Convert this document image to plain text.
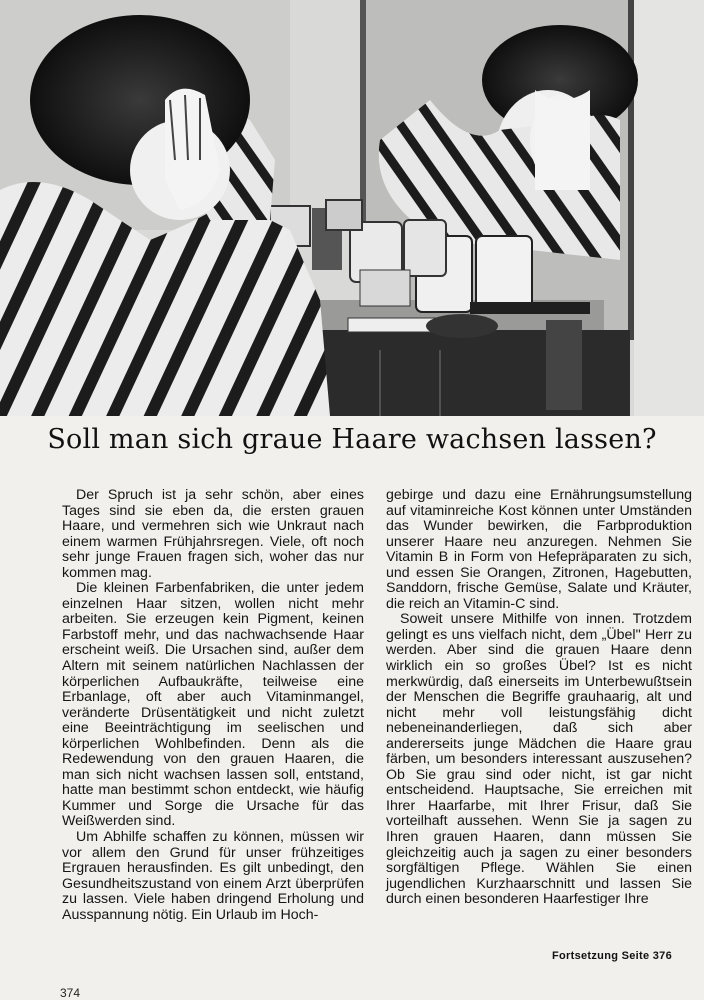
Soll man sich graue Haare wachsen lassen?

Der Spruch ist ja sehr schön, aber eines Tages sind sie eben da, die ersten grauen Haare, und vermehren sich wie Unkraut nach einem warmen Frühjahrsregen. Viele, oft noch sehr junge Frauen fragen sich, woher das nur kommen mag.

Die kleinen Farbenfabriken, die unter jedem einzelnen Haar sitzen, wollen nicht mehr arbeiten. Sie erzeugen kein Pigment, keinen Farbstoff mehr, und das nachwachsende Haar erscheint weiß. Die Ursachen sind, außer dem Altern mit seinem natürlichen Nachlassen der körperlichen Aufbaukräfte, teilweise eine Erbanlage, oft aber auch Vitaminmangel, veränderte Drüsentätigkeit und nicht zuletzt eine Beeinträchtigung im seelischen und körperlichen Wohlbefinden. Denn als die Redewendung von den grauen Haaren, die man sich nicht wachsen lassen soll, entstand, hatte man bestimmt schon entdeckt, wie häufig Kummer und Sorge die Ursache für das Weißwerden sind.

Um Abhilfe schaffen zu können, müssen wir vor allem den Grund für unser frühzeitiges Ergrauen herausfinden. Es gilt unbedingt, den Gesundheitszustand von einem Arzt überprüfen zu lassen. Viele haben dringend Erholung und Ausspannung nötig. Ein Urlaub im Hoch-

gebirge und dazu eine Ernährungsumstellung auf vitaminreiche Kost können unter Umständen das Wunder bewirken, die Farbproduktion unserer Haare neu anzuregen. Nehmen Sie Vitamin B in Form von Hefepräparaten zu sich, und essen Sie Orangen, Zitronen, Hagebutten, Sanddorn, frische Gemüse, Salate und Kräuter, die reich an Vitamin-C sind.

Soweit unsere Mithilfe von innen. Trotzdem gelingt es uns vielfach nicht, dem „Übel" Herr zu werden. Aber sind die grauen Haare denn wirklich ein so großes Übel? Ist es nicht merkwürdig, daß einerseits im Unterbewußtsein der Menschen die Begriffe grauhaarig, alt und nicht mehr voll leistungsfähig dicht nebeneinanderliegen, daß sich aber andererseits junge Mädchen die Haare grau färben, um besonders interessant auszusehen? Ob Sie grau sind oder nicht, ist gar nicht entscheidend. Hauptsache, Sie erreichen mit Ihrer Haarfarbe, mit Ihrer Frisur, daß Sie vorteilhaft aussehen. Wenn Sie ja sagen zu Ihren grauen Haaren, dann müssen Sie gleichzeitig auch ja sagen zu einer besonders sorgfältigen Pflege. Wählen Sie einen jugendlichen Kurzhaarschnitt und lassen Sie durch einen besonderen Haarfestiger Ihre

Fortsetzung Seite 376
374
